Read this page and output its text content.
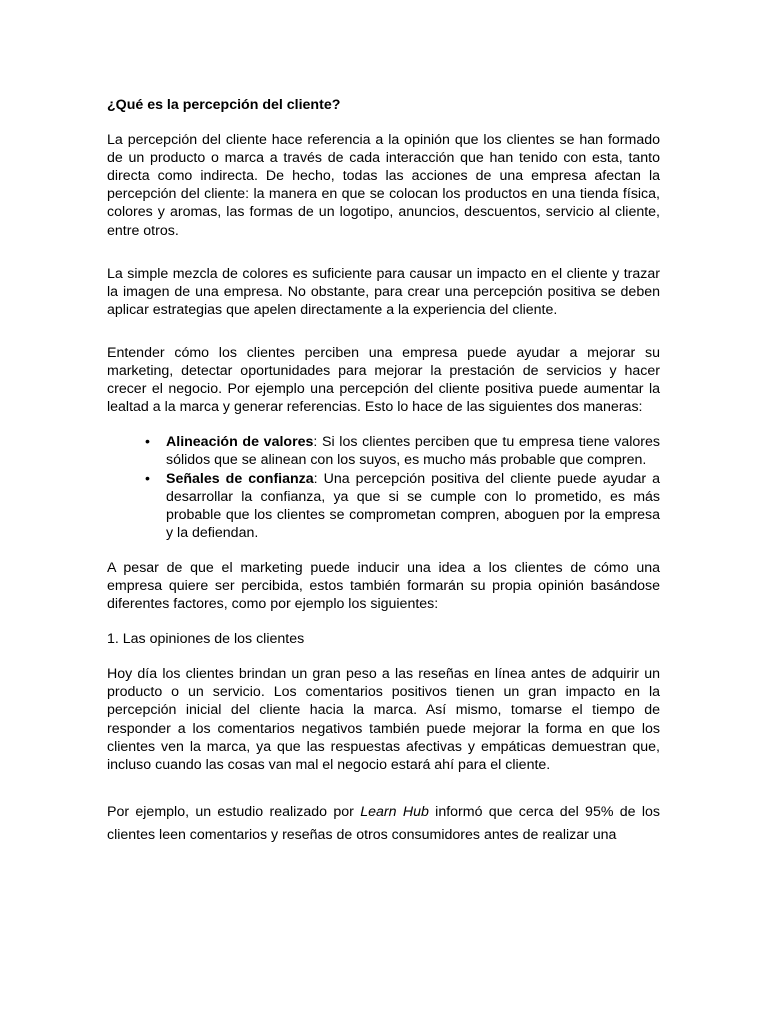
¿Qué es la percepción del cliente?

La percepción del cliente hace referencia a la opinión que los clientes se han formado de un producto o marca a través de cada interacción que han tenido con esta, tanto directa como indirecta. De hecho, todas las acciones de una empresa afectan la percepción del cliente: la manera en que se colocan los productos en una tienda física, colores y aromas, las formas de un logotipo, anuncios, descuentos, servicio al cliente, entre otros.

La simple mezcla de colores es suficiente para causar un impacto en el cliente y trazar la imagen de una empresa. No obstante, para crear una percepción positiva se deben aplicar estrategias que apelen directamente a la experiencia del cliente.

Entender cómo los clientes perciben una empresa puede ayudar a mejorar su marketing, detectar oportunidades para mejorar la prestación de servicios y hacer crecer el negocio. Por ejemplo una percepción del cliente positiva puede aumentar la lealtad a la marca y generar referencias. Esto lo hace de las siguientes dos maneras:

• Alineación de valores: Si los clientes perciben que tu empresa tiene valores sólidos que se alinean con los suyos, es mucho más probable que compren.
• Señales de confianza: Una percepción positiva del cliente puede ayudar a desarrollar la confianza, ya que si se cumple con lo prometido, es más probable que los clientes se comprometan compren, aboguen por la empresa y la defiendan.

A pesar de que el marketing puede inducir una idea a los clientes de cómo una empresa quiere ser percibida, estos también formarán su propia opinión basándose diferentes factores, como por ejemplo los siguientes:

1. Las opiniones de los clientes

Hoy día los clientes brindan un gran peso a las reseñas en línea antes de adquirir un producto o un servicio. Los comentarios positivos tienen un gran impacto en la percepción inicial del cliente hacia la marca. Así mismo, tomarse el tiempo de responder a los comentarios negativos también puede mejorar la forma en que los clientes ven la marca, ya que las respuestas afectivas y empáticas demuestran que, incluso cuando las cosas van mal el negocio estará ahí para el cliente.

Por ejemplo, un estudio realizado por Learn Hub informó que cerca del 95% de los clientes leen comentarios y reseñas de otros consumidores antes de realizar una
